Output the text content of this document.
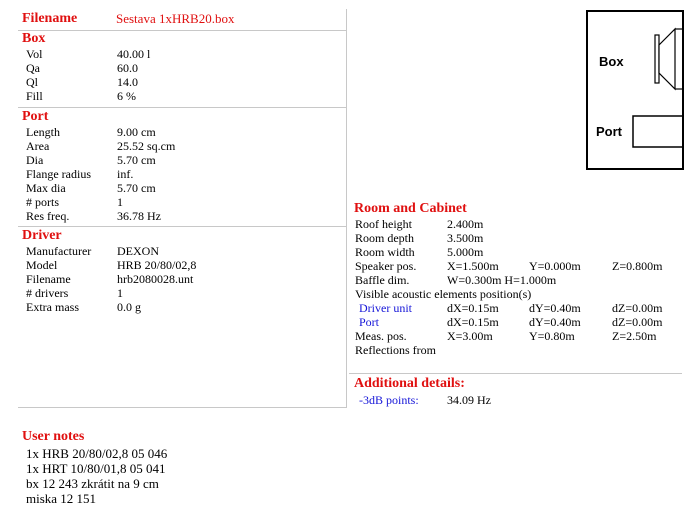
Filename	Sestava 1xHRB20.box
Box
Vol	40.00 l
Qa	60.0
Ql	14.0
Fill	6 %
Port
Length	9.00 cm
Area	25.52 sq.cm
Dia	5.70 cm
Flange radius inf.
Max dia	5.70 cm
# ports	1
Res freq.	36.78 Hz
Driver
Manufacturer DEXON
Model	HRB 20/80/02,8
Filename	hrb2080028.unt
# drivers	1
Extra mass	0.0 g
Box
Port
Room and Cabinet
Roof height	2.400m
Room depth	3.500m
Room width	5.000m
Speaker pos.	X=1.500m	Y=0.000m	Z=0.800m
Baffle dim.	W=0.300m H=1.000m
Visible acoustic elements position(s)
Driver unit	dX=0.15m	dY=0.40m	dZ=0.00m
Port	dX=0.15m	dY=0.40m	dZ=0.00m
Meas. pos.	X=3.00m	Y=0.80m	Z=2.50m
Reflections from
Additional details:
-3dB points: 34.09 Hz
User notes
1x HRB 20/80/02,8 05 046
1x HRT 10/80/01,8 05 041
bx 12 243 zkrátit na 9 cm
miska 12 151
